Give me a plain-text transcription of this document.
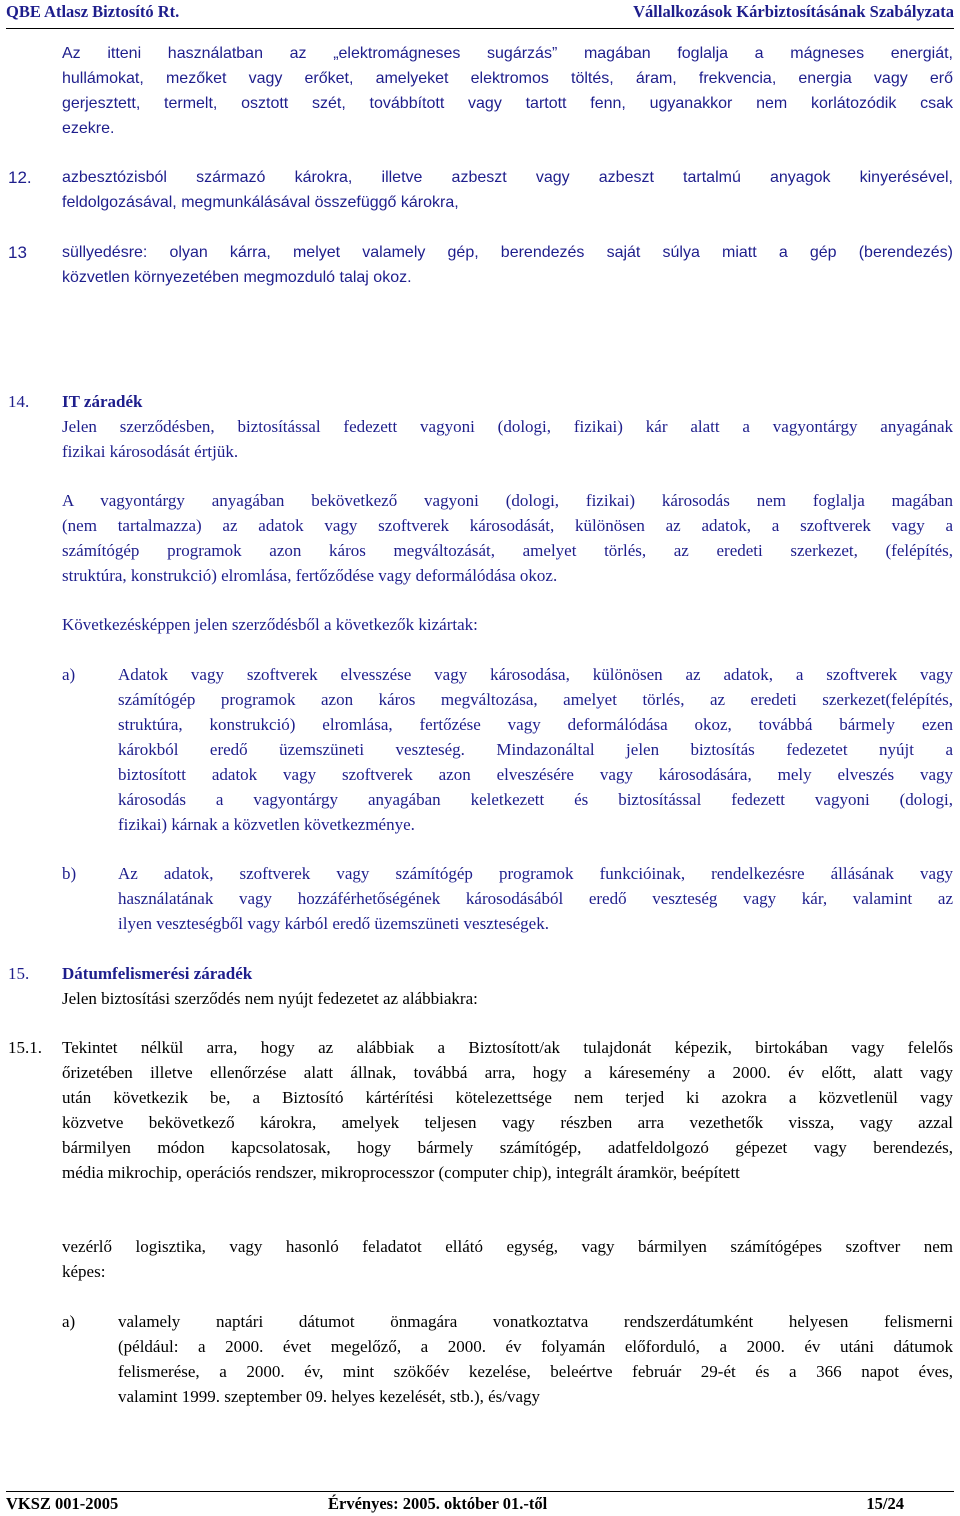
QBE Atlasz Biztosító Rt.	Vállalkozások Kárbiztosításának Szabályzata
Az itteni használatban az „elektromágneses sugárzás” magában foglalja a mágneses energiát,
hullámokat, mezőket vagy erőket, amelyeket elektromos töltés, áram, frekvencia, energia vagy erő
gerjesztett, termelt, osztott szét, továbbított vagy tartott fenn, ugyanakkor nem korlátozódik csak
ezekre.
12. azbesztózisból származó károkra, illetve azbeszt vagy azbeszt tartalmú anyagok kinyerésével,
feldolgozásával, megmunkálásával összefüggő károkra,
13 süllyedésre: olyan kárra, melyet valamely gép, berendezés saját súlya miatt a gép (berendezés)
közvetlen környezetében megmozduló talaj okoz.
14. IT záradék
Jelen szerződésben, biztosítással fedezett vagyoni (dologi, fizikai) kár alatt a vagyontárgy anyagának
fizikai károsodását értjük.
A vagyontárgy anyagában bekövetkező vagyoni (dologi, fizikai) károsodás nem foglalja magában
(nem tartalmazza) az adatok vagy szoftverek károsodását, különösen az adatok, a szoftverek vagy a
számítógép programok azon káros megváltozását, amelyet törlés, az eredeti szerkezet, (felépítés,
struktúra, konstrukció) elromlása, fertőződése vagy deformálódása okoz.
Következésképpen jelen szerződésből a következők kizártak:
a)	Adatok vagy szoftverek elvesszése vagy károsodása, különösen az adatok, a szoftverek vagy
számítógép programok azon káros megváltozása, amelyet törlés, az eredeti szerkezet(felépítés,
struktúra, konstrukció) elromlása, fertőzése vagy deformálódása okoz, továbbá bármely ezen
károkból eredő üzemszüneti veszteség. Mindazonáltal jelen biztosítás fedezetet nyújt a
biztosított adatok vagy szoftverek azon elveszésére vagy károsodására, mely elveszés vagy
károsodás a vagyontárgy anyagában keletkezett és biztosítással fedezett vagyoni (dologi,
fizikai) kárnak a közvetlen következménye.
b) Az adatok, szoftverek vagy számítógép programok funkcióinak, rendelkezésre állásának vagy
használatának vagy hozzáférhetőségének károsodásából eredő veszteség vagy kár, valamint az
ilyen veszteségből vagy kárból eredő üzemszüneti veszteségek.
15. Dátumfelismerési záradék
Jelen biztosítási szerződés nem nyújt fedezetet az alábbiakra:
15.1. Tekintet nélkül arra, hogy az alábbiak a Biztosított/ak tulajdonát képezik, birtokában vagy felelős
őrizetében illetve ellenőrzése alatt állnak, továbbá arra, hogy a káresemény a 2000. év előtt, alatt vagy
után következik be, a Biztosító kártérítési kötelezettsége nem terjed ki azokra a közvetlenül vagy
közvetve bekövetkező károkra, amelyek teljesen vagy részben arra vezethetők vissza, vagy azzal
bármilyen módon kapcsolatosak, hogy bármely számítógép, adatfeldolgozó gépezet vagy berendezés,
média mikrochip, operációs rendszer, mikroprocesszor (computer chip), integrált áramkör, beépített
vezérlő logisztika, vagy hasonló feladatot ellátó egység, vagy bármilyen számítógépes szoftver nem
képes:
a)	valamely naptári dátumot önmagára vonatkoztatva rendszerdátumként helyesen felismerni
(például: a 2000. évet megelőző, a 2000. év folyamán előforduló, a 2000. év utáni dátumok
felismerése, a 2000. év, mint szökőév kezelése, beleértve február 29-ét és a 366 napot éves,
valamint 1999. szeptember 09. helyes kezelését, stb.), és/vagy
VKSZ 001-2005	Érvényes: 2005. október 01.-től	15/24
